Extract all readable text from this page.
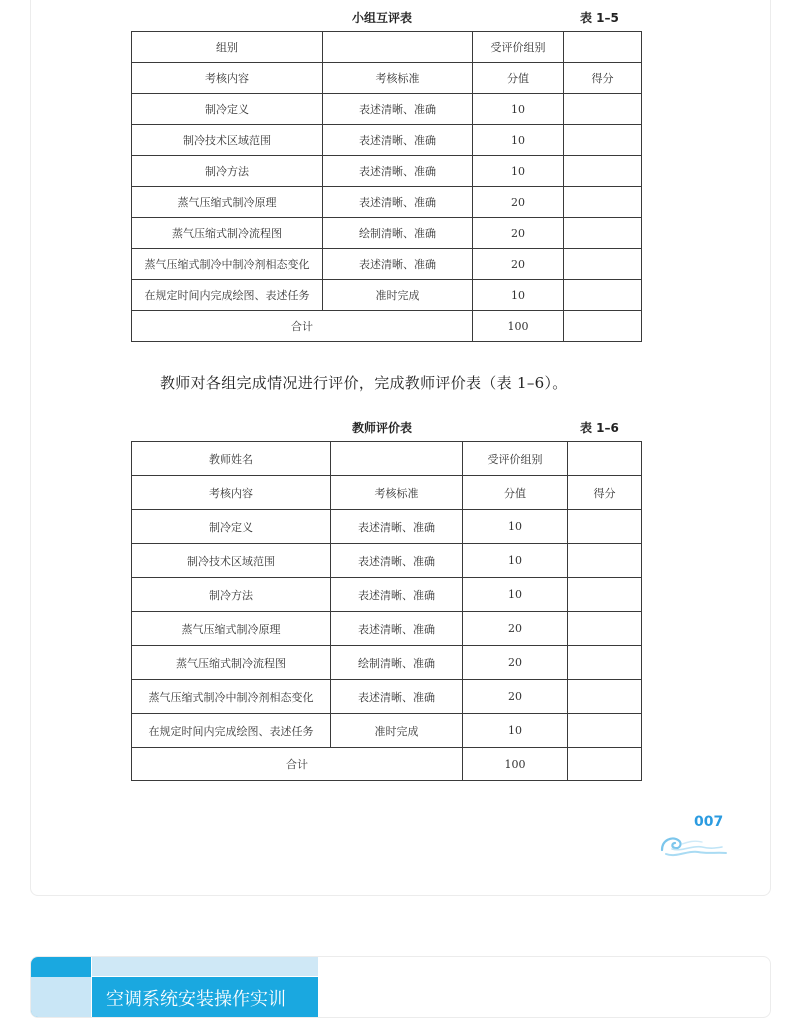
小组互评表	表 1–5
组别		受评价组别	
考核内容	考核标准	分值	得分
制冷定义	表述清晰、准确	10	
制冷技术区域范围	表述清晰、准确	10	
制冷方法	表述清晰、准确	10	
蒸气压缩式制冷原理	表述清晰、准确	20	
蒸气压缩式制冷流程图	绘制清晰、准确	20	
蒸气压缩式制冷中制冷剂相态变化	表述清晰、准确	20	
在规定时间内完成绘图、表述任务	准时完成	10	
合计		100	
教师对各组完成情况进行评价，完成教师评价表（表 1–6）。
教师评价表	表 1–6
教师姓名		受评价组别	
考核内容	考核标准	分值	得分
制冷定义	表述清晰、准确	10	
制冷技术区域范围	表述清晰、准确	10	
制冷方法	表述清晰、准确	10	
蒸气压缩式制冷原理	表述清晰、准确	20	
蒸气压缩式制冷流程图	绘制清晰、准确	20	
蒸气压缩式制冷中制冷剂相态变化	表述清晰、准确	20	
在规定时间内完成绘图、表述任务	准时完成	10	
合计		100	
007
空调系统安装操作实训
